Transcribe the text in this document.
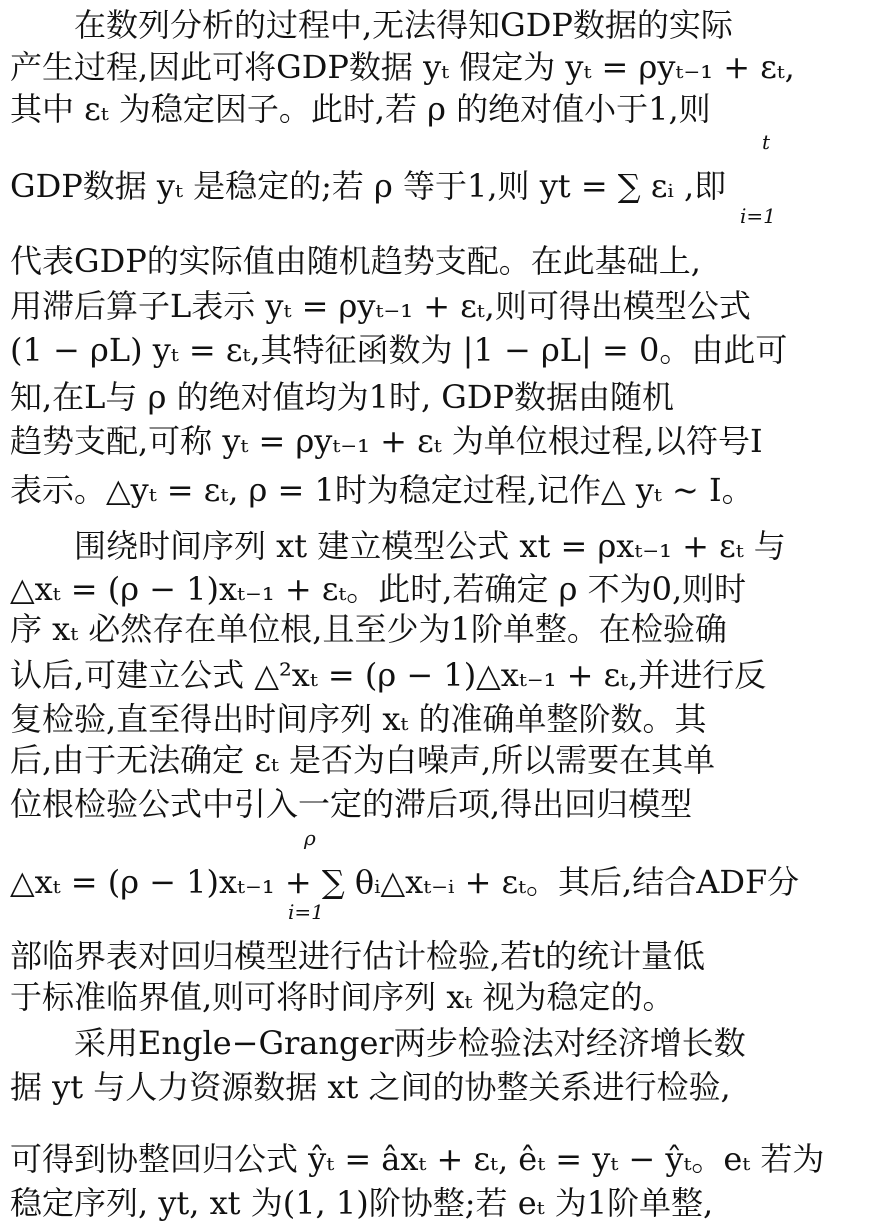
在数列分析的过程中,无法得知GDP数据的实际
产生过程,因此可将GDP数据 yₜ 假定为 yₜ = ρyₜ₋₁ + εₜ,
其中 εₜ 为稳定因子。此时,若 ρ 的绝对值小于1,则
GDP数据 yₜ 是稳定的;若 ρ 等于1,则 yt = ∑ εᵢ ,即
代表GDP的实际值由随机趋势支配。在此基础上,
用滞后算子L表示 yₜ = ρyₜ₋₁ + εₜ,则可得出模型公式
(1 − ρL) yₜ = εₜ,其特征函数为 |1 − ρL| = 0。由此可
知,在L与 ρ 的绝对值均为1时, GDP数据由随机
趋势支配,可称 yₜ = ρyₜ₋₁ + εₜ 为单位根过程,以符号I
表示。△yₜ = εₜ, ρ = 1时为稳定过程,记作△ yₜ ~ I。
围绕时间序列 xt 建立模型公式 xt = ρxₜ₋₁ + εₜ 与
△xₜ = (ρ − 1)xₜ₋₁ + εₜ。此时,若确定 ρ 不为0,则时
序 xₜ 必然存在单位根,且至少为1阶单整。在检验确
认后,可建立公式 △²xₜ = (ρ − 1)△xₜ₋₁ + εₜ,并进行反
复检验,直至得出时间序列 xₜ 的准确单整阶数。其
后,由于无法确定 εₜ 是否为白噪声,所以需要在其单
位根检验公式中引入一定的滞后项,得出回归模型
△xₜ = (ρ − 1)xₜ₋₁ + ∑ θᵢ△xₜ₋ᵢ + εₜ。其后,结合ADF分
部临界表对回归模型进行估计检验,若t的统计量低
于标准临界值,则可将时间序列 xₜ 视为稳定的。
采用Engle−Granger两步检验法对经济增长数
据 yt 与人力资源数据 xt 之间的协整关系进行检验,
可得到协整回归公式 ŷₜ = âxₜ + εₜ, êₜ = yₜ − ŷₜ。eₜ 若为
稳定序列, yt, xt 为(1, 1)阶协整;若 eₜ 为1阶单整,
t
i=1
ρ
i=1
